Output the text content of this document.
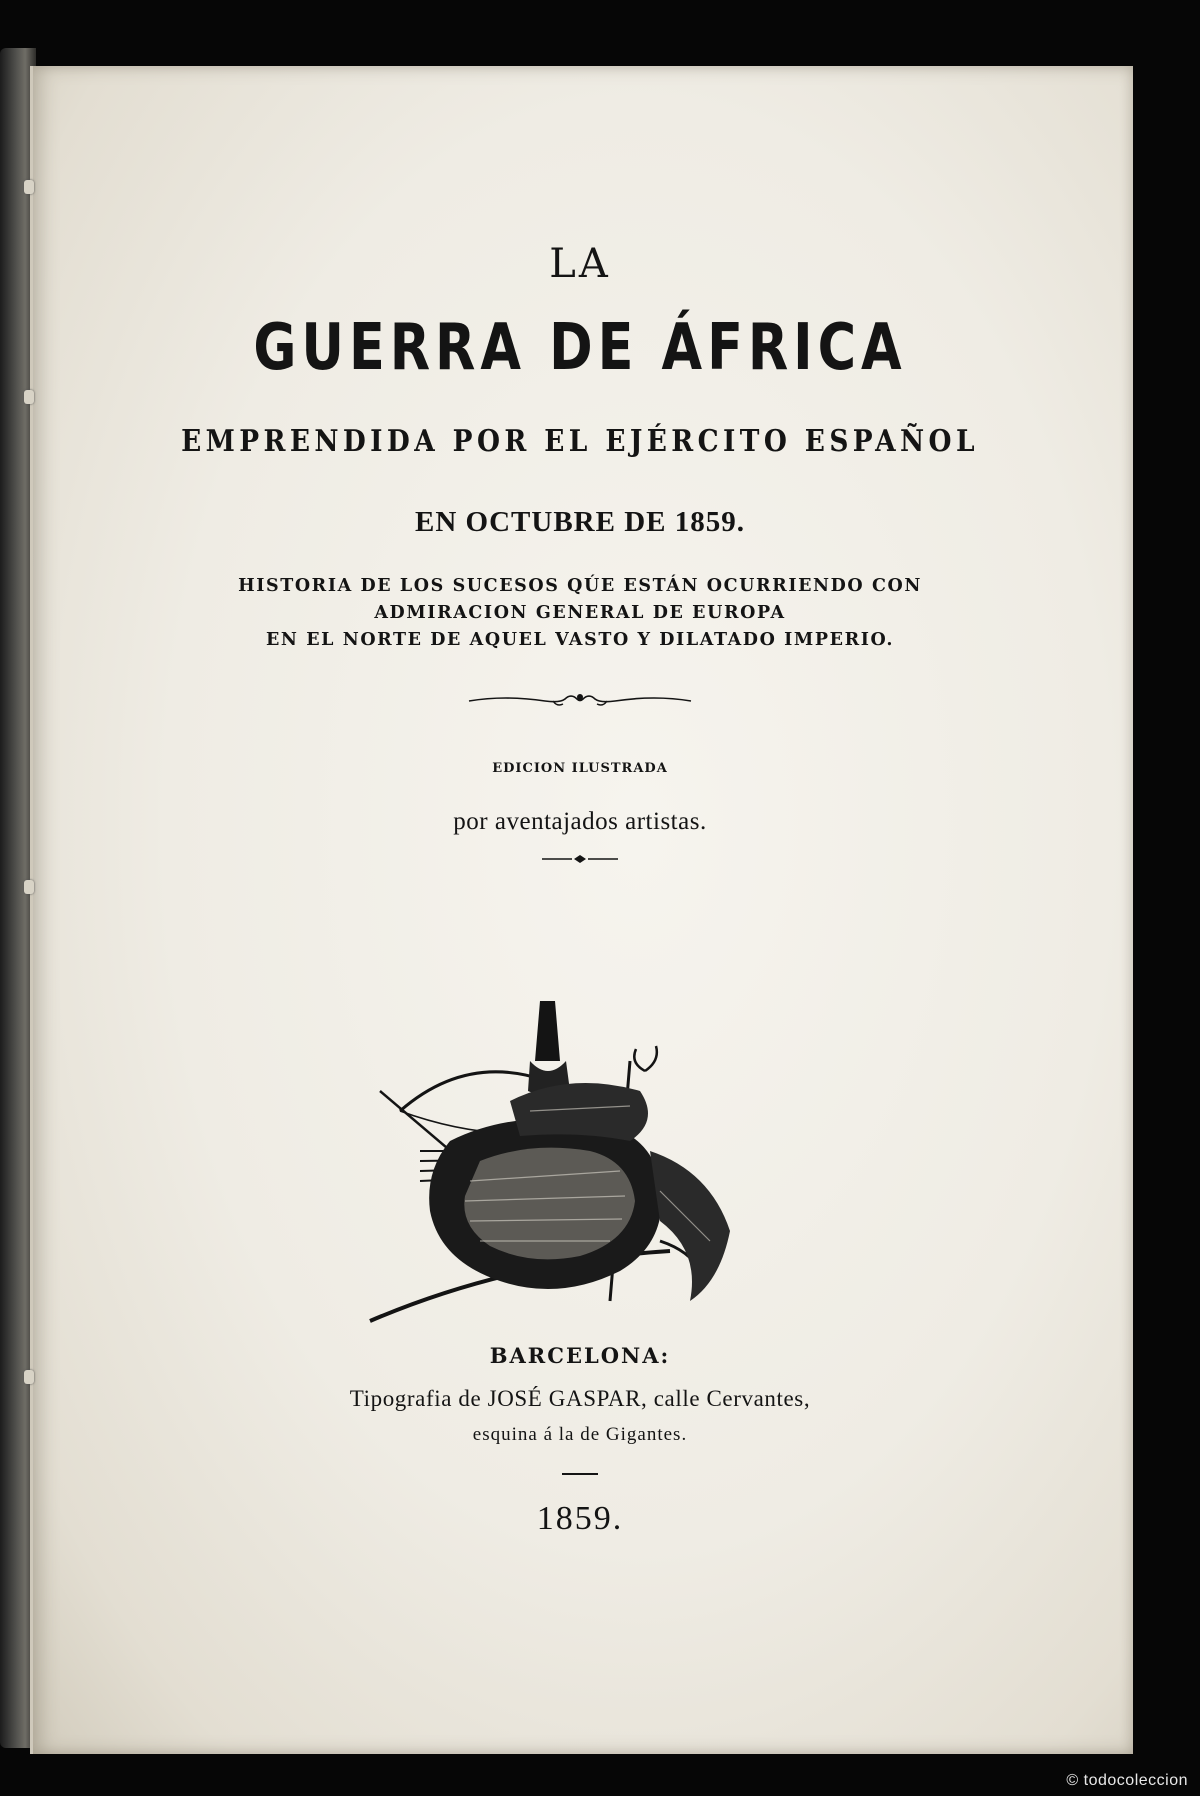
LA
GUERRA DE ÁFRICA
EMPRENDIDA POR EL EJÉRCITO ESPAÑOL
EN OCTUBRE DE 1859.
HISTORIA DE LOS SUCESOS QÚE ESTÁN OCURRIENDO CON
ADMIRACION GENERAL DE EUROPA
EN EL NORTE DE AQUEL VASTO Y DILATADO IMPERIO.
EDICION ILUSTRADA
por aventajados artistas.
BARCELONA:
Tipografia de JOSÉ GASPAR, calle Cervantes,
esquina á la de Gigantes.
1859.
© todocoleccion
